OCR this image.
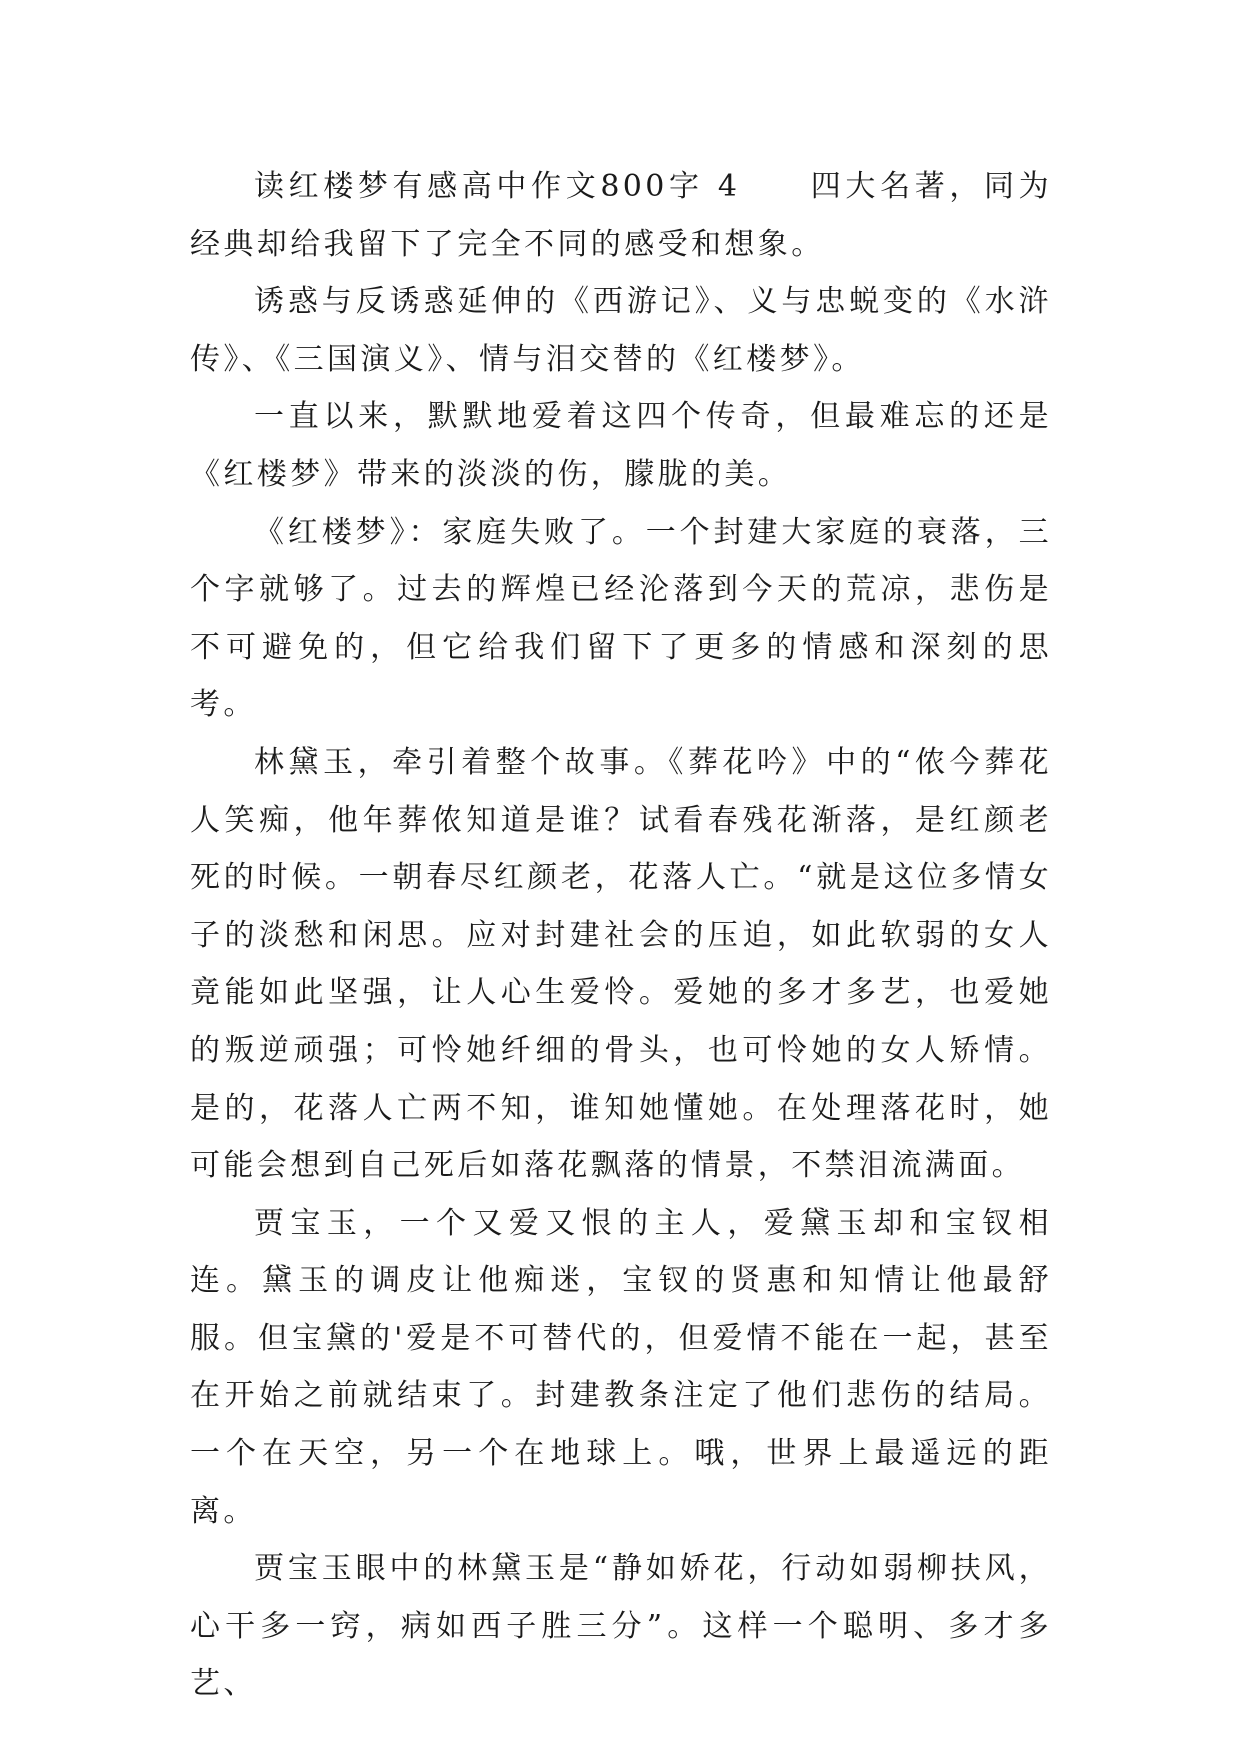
读红楼梦有感高中作文800字 4　　四大名著，同为经典却给我留下了完全不同的感受和想象。

诱惑与反诱惑延伸的《西游记》、义与忠蜕变的《水浒传》、《三国演义》、情与泪交替的《红楼梦》。

一直以来，默默地爱着这四个传奇，但最难忘的还是《红楼梦》带来的淡淡的伤，朦胧的美。

《红楼梦》：家庭失败了。一个封建大家庭的衰落，三个字就够了。过去的辉煌已经沦落到今天的荒凉，悲伤是不可避免的，但它给我们留下了更多的情感和深刻的思考。

林黛玉，牵引着整个故事。《葬花吟》中的“侬今葬花人笑痴，他年葬侬知道是谁？试看春残花渐落，是红颜老死的时候。一朝春尽红颜老，花落人亡。“就是这位多情女子的淡愁和闲思。应对封建社会的压迫，如此软弱的女人竟能如此坚强，让人心生爱怜。爱她的多才多艺，也爱她的叛逆顽强；可怜她纤细的骨头，也可怜她的女人矫情。是的，花落人亡两不知，谁知她懂她。在处理落花时，她可能会想到自己死后如落花飘落的情景，不禁泪流满面。

贾宝玉，一个又爱又恨的主人，爱黛玉却和宝钗相连。黛玉的调皮让他痴迷，宝钗的贤惠和知情让他最舒服。但宝黛的'爱是不可替代的，但爱情不能在一起，甚至在开始之前就结束了。封建教条注定了他们悲伤的结局。一个在天空，另一个在地球上。哦，世界上最遥远的距离。

贾宝玉眼中的林黛玉是“静如娇花，行动如弱柳扶风，心干多一窍，病如西子胜三分”。这样一个聪明、多才多艺、
